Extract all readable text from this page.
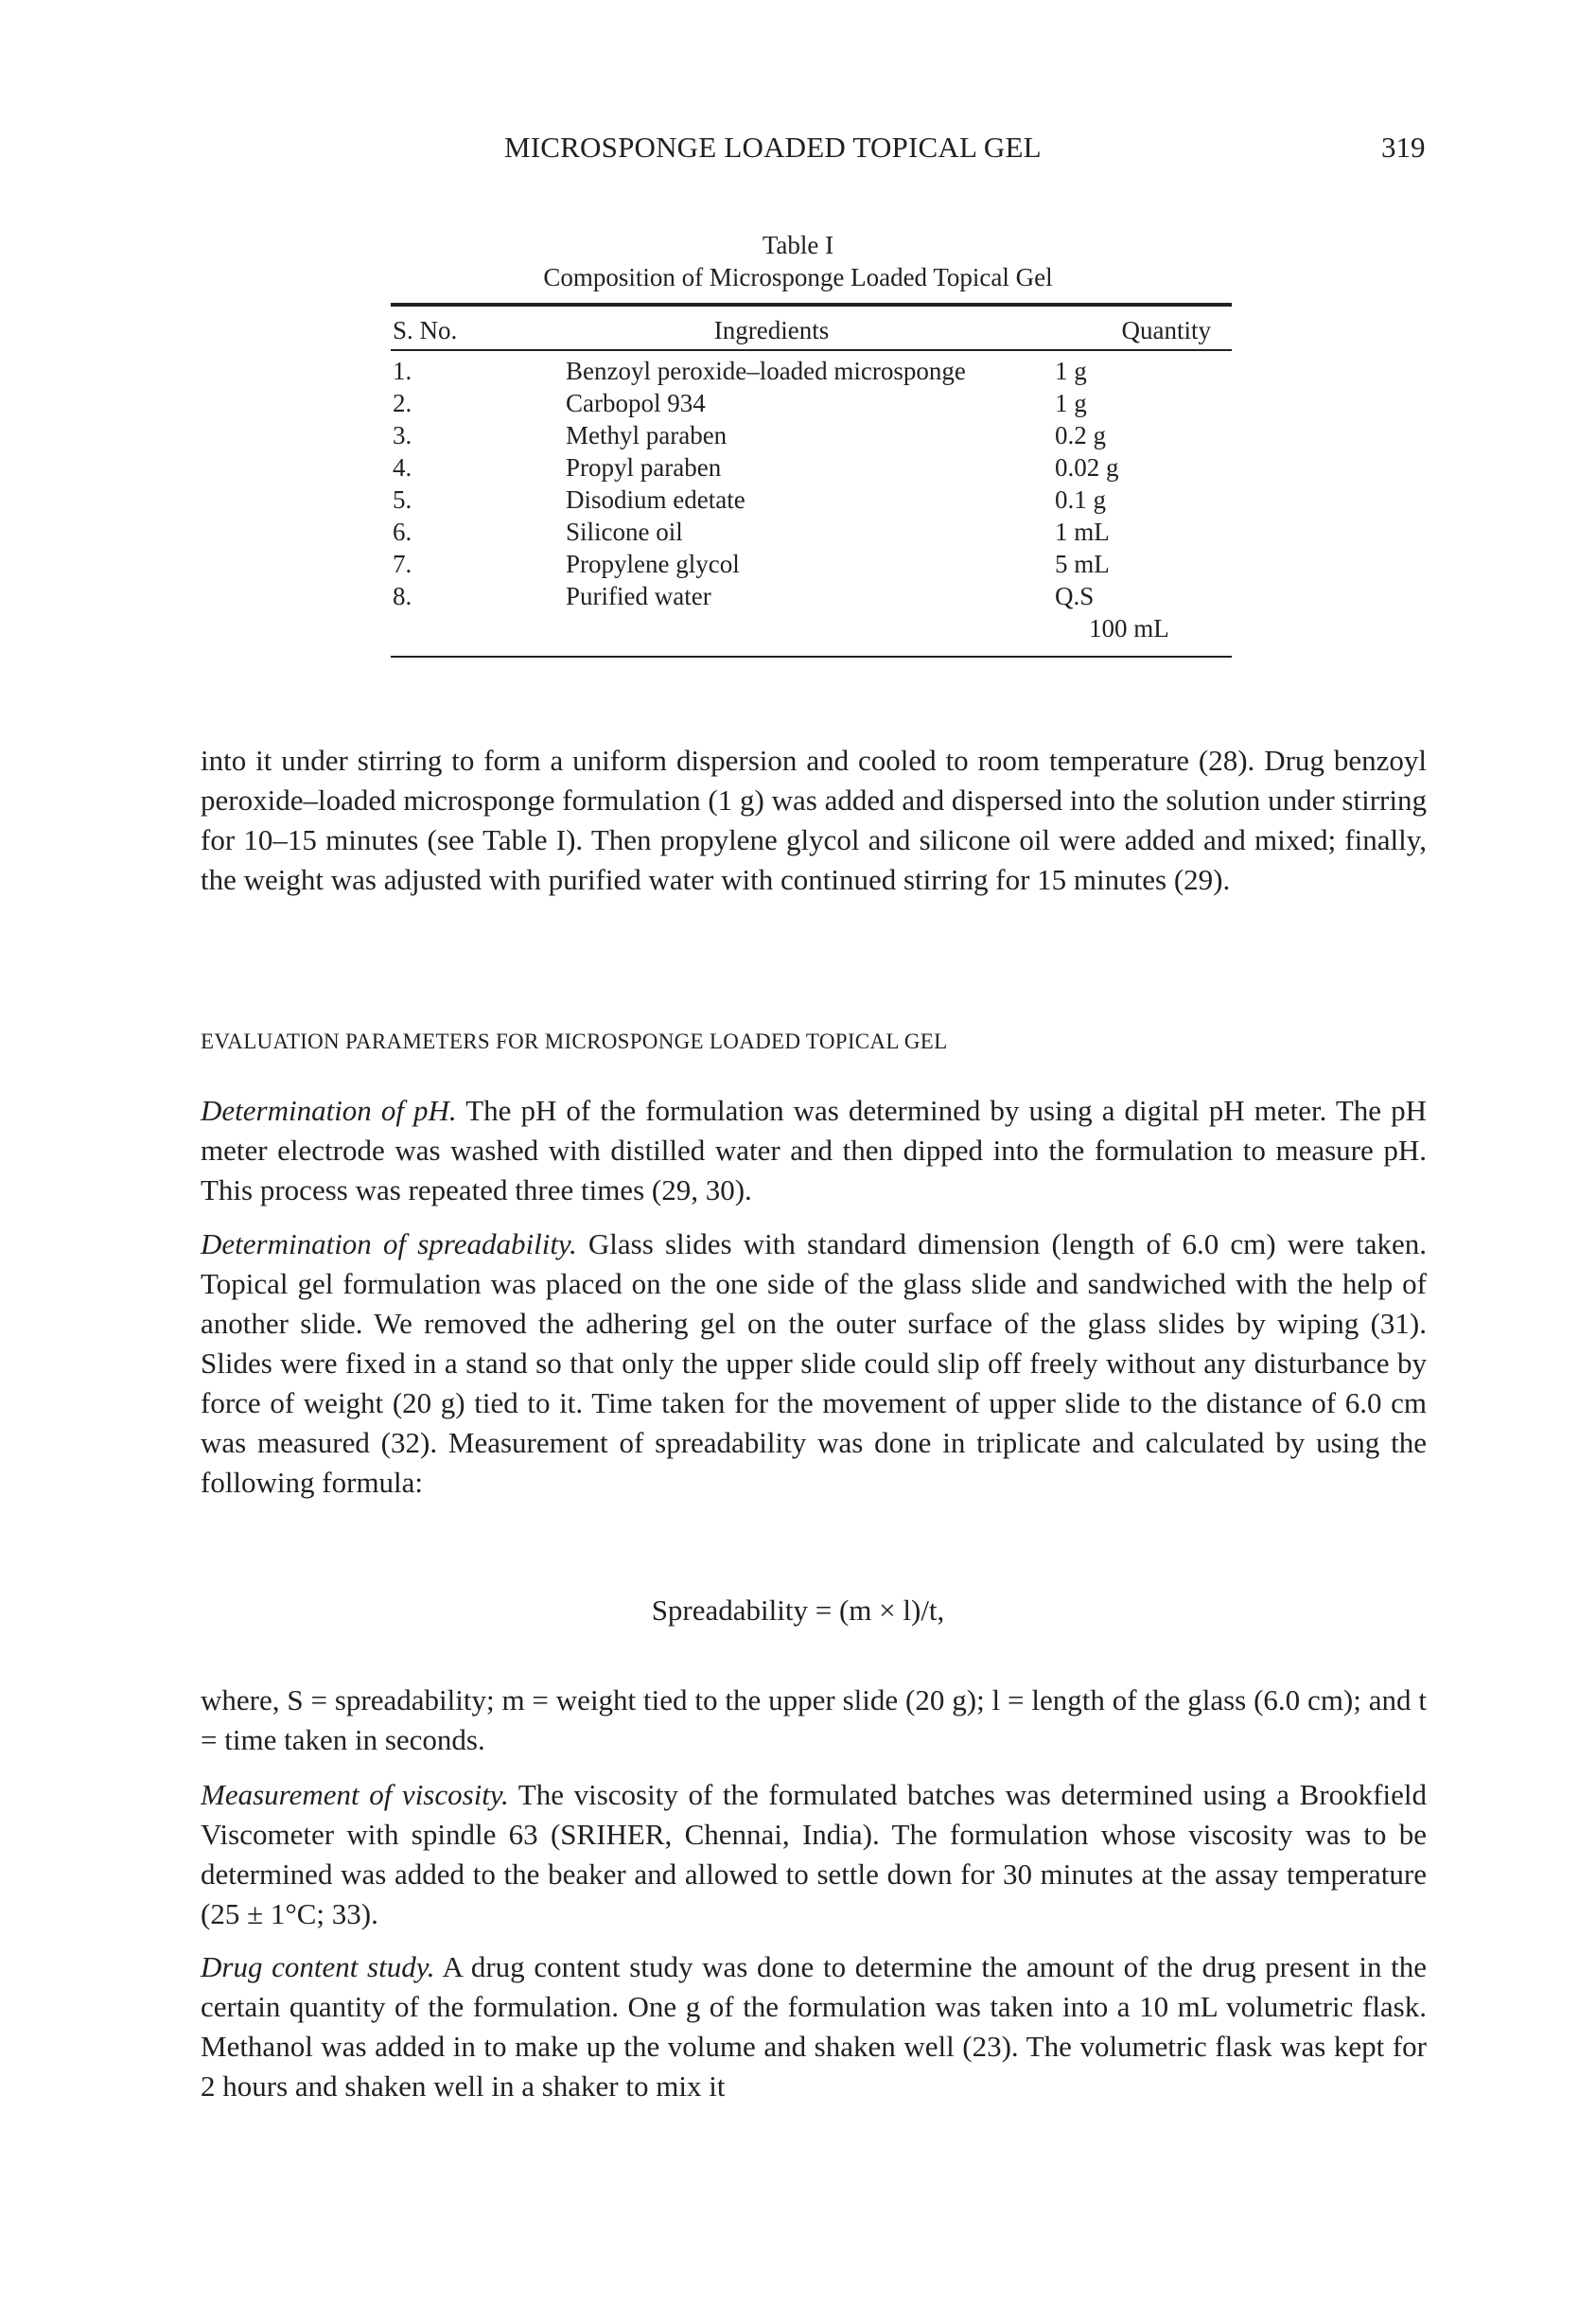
MICROSPONGE LOADED TOPICAL GEL	319
Table I
Composition of Microsponge Loaded Topical Gel
S. No.	Ingredients	Quantity
1.	Benzoyl peroxide–loaded microsponge	1 g
2.	Carbopol 934	1 g
3.	Methyl paraben	0.2 g
4.	Propyl paraben	0.02 g
5.	Disodium edetate	0.1 g
6.	Silicone oil	1 mL
7.	Propylene glycol	5 mL
8.	Purified water	Q.S
100 mL

into it under stirring to form a uniform dispersion and cooled to room temperature (28). Drug benzoyl peroxide–loaded microsponge formulation (1 g) was added and dispersed into the solution under stirring for 10–15 minutes (see Table I). Then propylene glycol and silicone oil were added and mixed; finally, the weight was adjusted with purified water with continued stirring for 15 minutes (29).

EVALUATION PARAMETERS FOR MICROSPONGE LOADED TOPICAL GEL

Determination of pH. The pH of the formulation was determined by using a digital pH meter. The pH meter electrode was washed with distilled water and then dipped into the formulation to measure pH. This process was repeated three times (29, 30).

Determination of spreadability. Glass slides with standard dimension (length of 6.0 cm) were taken. Topical gel formulation was placed on the one side of the glass slide and sandwiched with the help of another slide. We removed the adhering gel on the outer surface of the glass slides by wiping (31). Slides were fixed in a stand so that only the upper slide could slip off freely without any disturbance by force of weight (20 g) tied to it. Time taken for the movement of upper slide to the distance of 6.0 cm was measured (32). Measurement of spreadability was done in triplicate and calculated by using the following formula:

Spreadability = (m × l)/t,

where, S = spreadability; m = weight tied to the upper slide (20 g); l = length of the glass (6.0 cm); and t = time taken in seconds.

Measurement of viscosity. The viscosity of the formulated batches was determined using a Brookfield Viscometer with spindle 63 (SRIHER, Chennai, India). The formulation whose viscosity was to be determined was added to the beaker and allowed to settle down for 30 minutes at the assay temperature (25 ± 1°C; 33).

Drug content study. A drug content study was done to determine the amount of the drug present in the certain quantity of the formulation. One g of the formulation was taken into a 10 mL volumetric flask. Methanol was added in to make up the volume and shaken well (23). The volumetric flask was kept for 2 hours and shaken well in a shaker to mix it
